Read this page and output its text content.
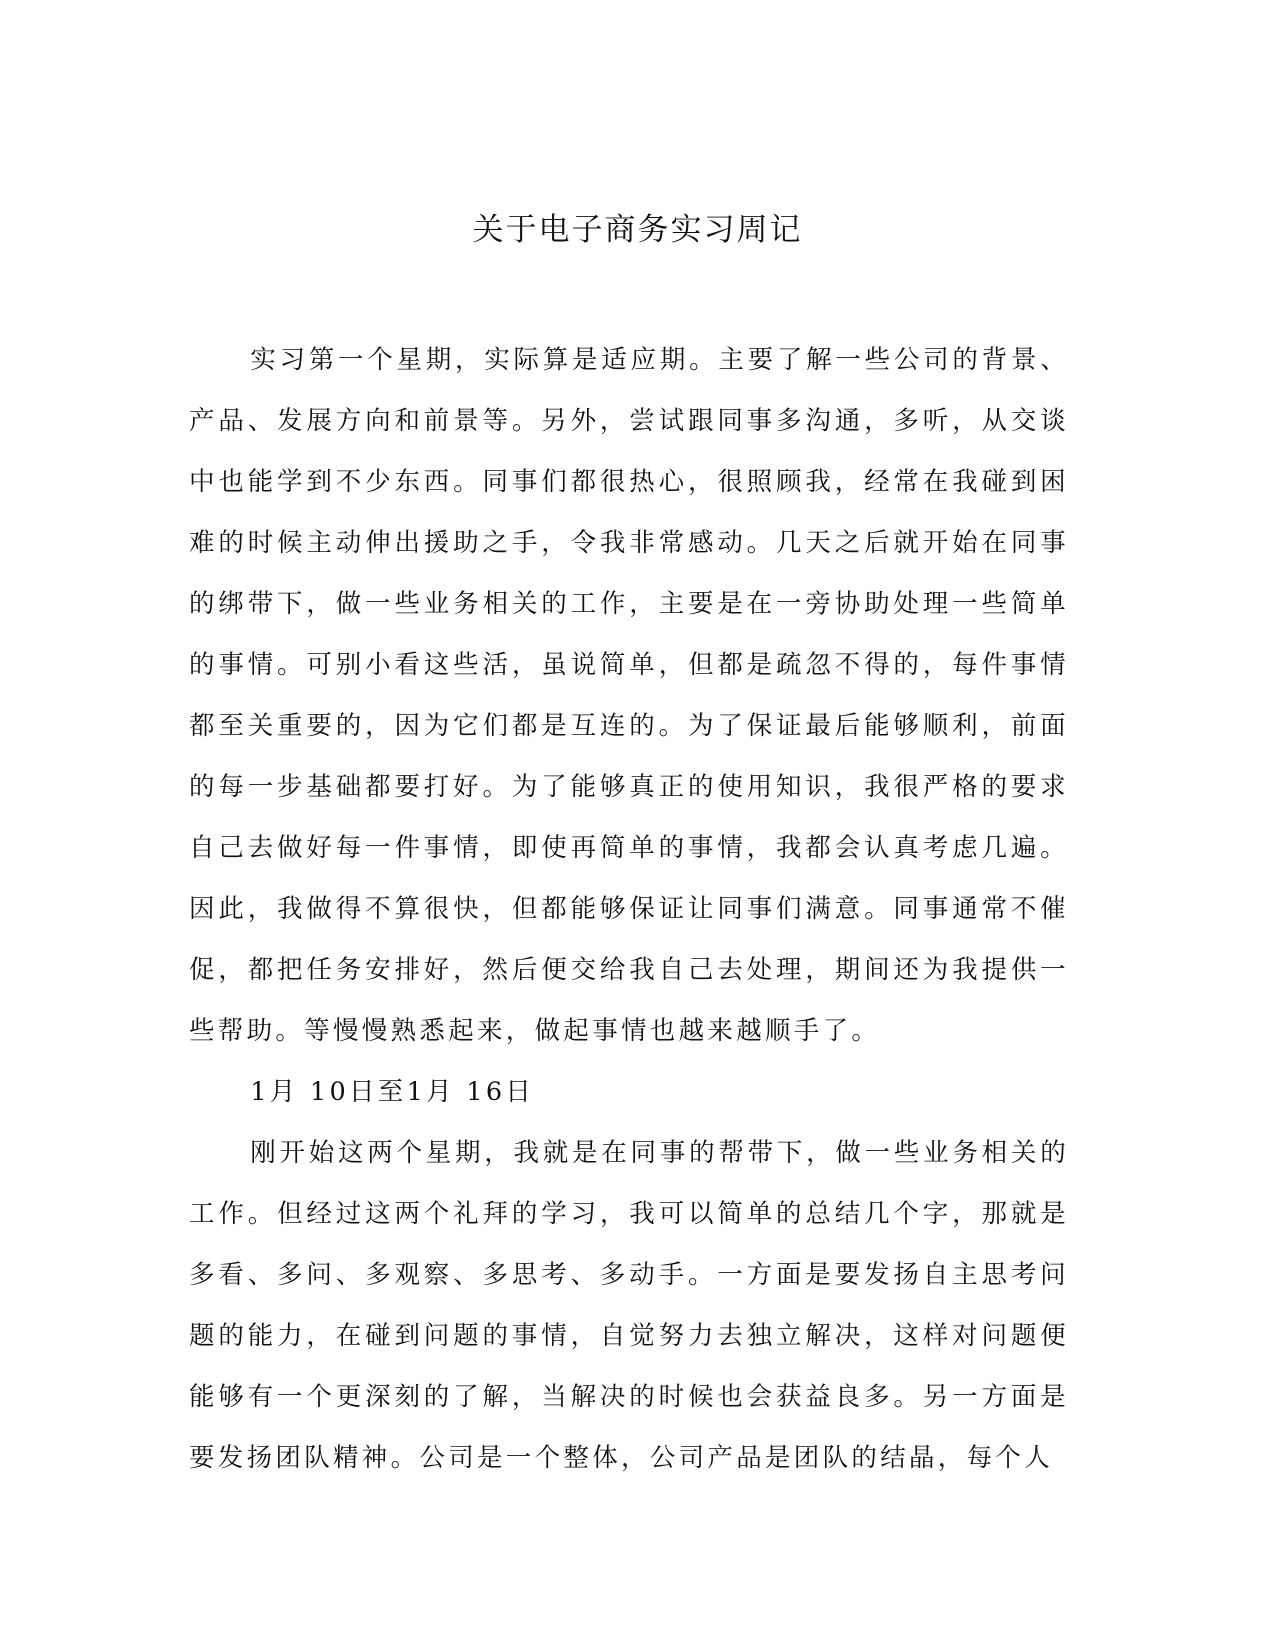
关于电子商务实习周记

实习第一个星期，实际算是适应期。主要了解一些公司的背景、产品、发展方向和前景等。另外，尝试跟同事多沟通，多听，从交谈中也能学到不少东西。同事们都很热心，很照顾我，经常在我碰到困难的时候主动伸出援助之手，令我非常感动。几天之后就开始在同事的绑带下，做一些业务相关的工作，主要是在一旁协助处理一些简单的事情。可别小看这些活，虽说简单，但都是疏忽不得的，每件事情都至关重要的，因为它们都是互连的。为了保证最后能够顺利，前面的每一步基础都要打好。为了能够真正的使用知识，我很严格的要求自己去做好每一件事情，即使再简单的事情，我都会认真考虑几遍。因此，我做得不算很快，但都能够保证让同事们满意。同事通常不催促，都把任务安排好，然后便交给我自己去处理，期间还为我提供一些帮助。等慢慢熟悉起来，做起事情也越来越顺手了。

1月 10日至1月 16日

刚开始这两个星期，我就是在同事的帮带下，做一些业务相关的工作。但经过这两个礼拜的学习，我可以简单的总结几个字，那就是多看、多问、多观察、多思考、多动手。一方面是要发扬自主思考问题的能力，在碰到问题的事情，自觉努力去独立解决，这样对问题便能够有一个更深刻的了解，当解决的时候也会获益良多。另一方面是要发扬团队精神。公司是一个整体，公司产品是团队的结晶，每个人
